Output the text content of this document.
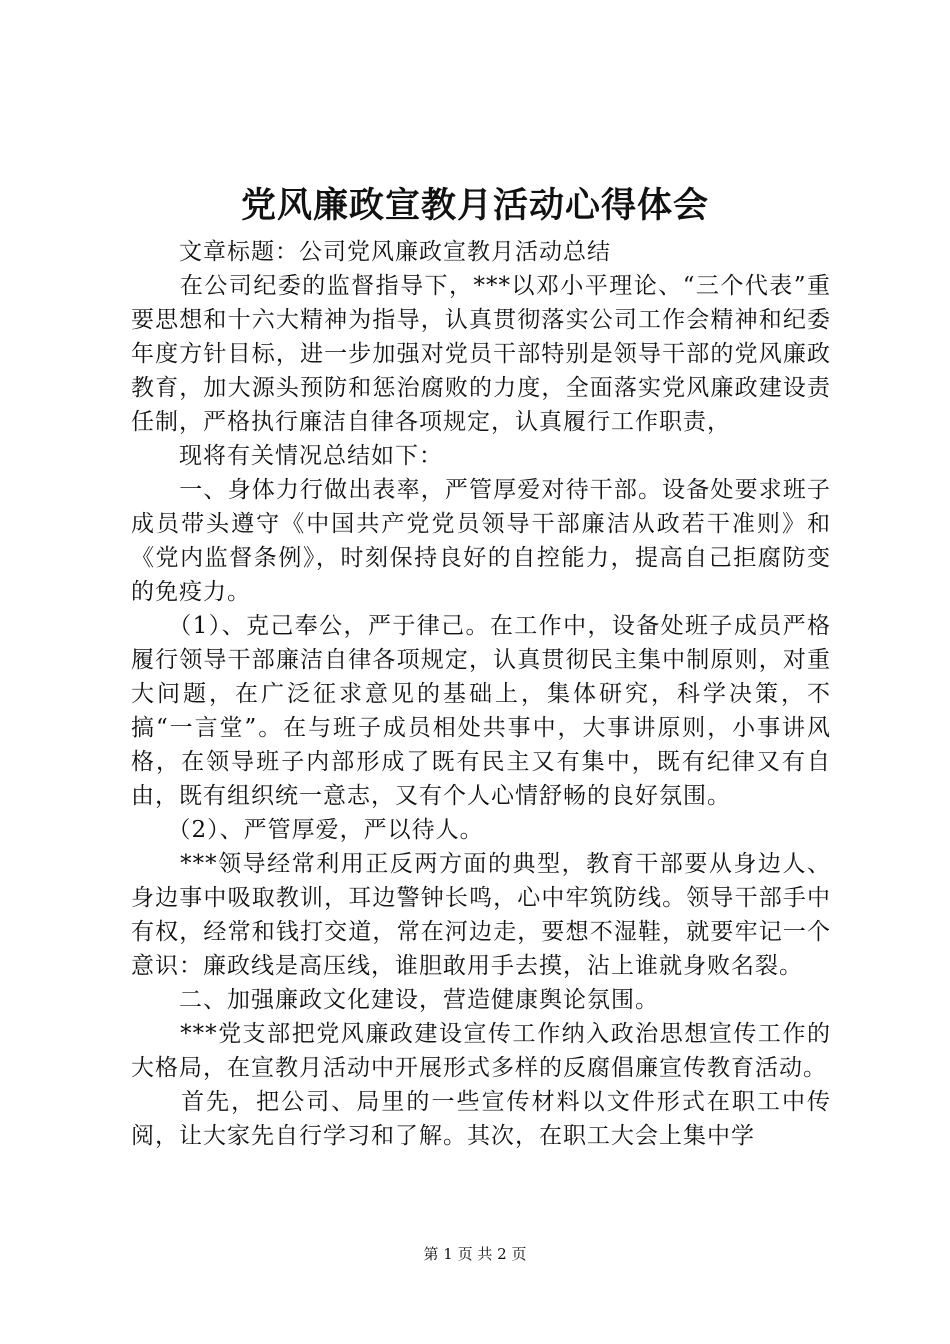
党风廉政宣教月活动心得体会

　　文章标题：公司党风廉政宣教月活动总结

　　在公司纪委的监督指导下，***以邓小平理论、“三个代表”重要思想和十六大精神为指导，认真贯彻落实公司工作会精神和纪委年度方针目标，进一步加强对党员干部特别是领导干部的党风廉政教育，加大源头预防和惩治腐败的力度，全面落实党风廉政建设责任制，严格执行廉洁自律各项规定，认真履行工作职责，

　　现将有关情况总结如下：

　　一、身体力行做出表率，严管厚爱对待干部。设备处要求班子成员带头遵守《中国共产党党员领导干部廉洁从政若干准则》和《党内监督条例》，时刻保持良好的自控能力，提高自己拒腐防变的免疫力。

　　（1）、克己奉公，严于律己。在工作中，设备处班子成员严格履行领导干部廉洁自律各项规定，认真贯彻民主集中制原则，对重大问题，在广泛征求意见的基础上，集体研究，科学决策，不搞“一言堂”。在与班子成员相处共事中，大事讲原则，小事讲风格，在领导班子内部形成了既有民主又有集中，既有纪律又有自由，既有组织统一意志，又有个人心情舒畅的良好氛围。

　　（2）、严管厚爱，严以待人。

　　***领导经常利用正反两方面的典型，教育干部要从身边人、身边事中吸取教训，耳边警钟长鸣，心中牢筑防线。领导干部手中有权，经常和钱打交道，常在河边走，要想不湿鞋，就要牢记一个意识：廉政线是高压线，谁胆敢用手去摸，沾上谁就身败名裂。

　　二、加强廉政文化建设，营造健康舆论氛围。

　　***党支部把党风廉政建设宣传工作纳入政治思想宣传工作的大格局，在宣教月活动中开展形式多样的反腐倡廉宣传教育活动。

　　首先，把公司、局里的一些宣传材料以文件形式在职工中传阅，让大家先自行学习和了解。其次，在职工大会上集中学

第 1 页 共 2 页
